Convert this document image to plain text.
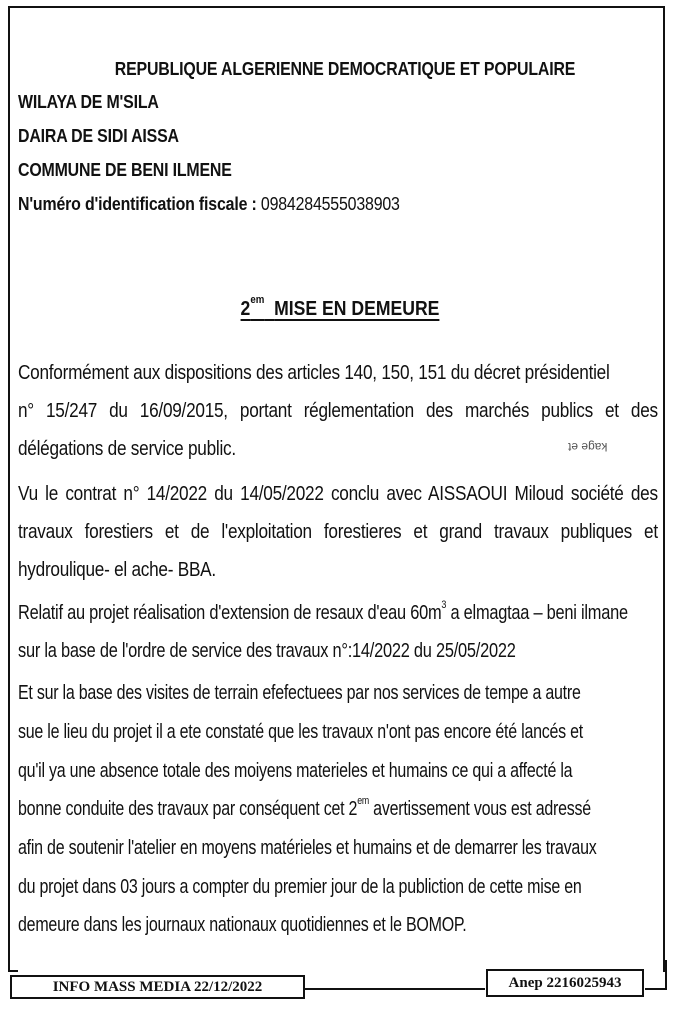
REPUBLIQUE ALGERIENNE DEMOCRATIQUE ET POPULAIRE
WILAYA DE M'SILA
DAIRA DE SIDI AISSA
COMMUNE DE BENI ILMENE
N'uméro d'identification fiscale : 0984284555038903
$2^{em}$ MISE EN DEMEURE
Conformément aux dispositions des articles 140, 150, 151 du décret présidentiel
n° 15/247 du 16/09/2015, portant réglementation des marchés publics et des
délégations de service public.	kage et
Vu le contrat n° 14/2022 du 14/05/2022 conclu avec AISSAOUI Miloud société des
travaux forestiers et de l'exploitation forestieres et grand travaux publiques et
hydroulique- el ache- BBA.
Relatif au projet réalisation d'extension de resaux d'eau $60m^3$ a elmagtaa – beni ilmane
sur la base de l'ordre de service des travaux n°:14/2022 du 25/05/2022
Et sur la base des visites de terrain efefectuees par nos services de tempe a autre
sue le lieu du projet il a ete constaté que les travaux n'ont pas encore été lancés et
qu'il ya une absence totale des moiyens materieles et humains ce qui a affecté la
bonne conduite des travaux par conséquent cet $2^{em}$ avertissement vous est adressé
afin de soutenir l'atelier en moyens matérieles et humains et de demarrer les travaux
du projet dans 03 jours a compter du premier jour de la publiction de cette mise en
demeure dans les journaux nationaux quotidiennes et le BOMOP.
INFO MASS MEDIA 22/12/2022	Anep 2216025943
